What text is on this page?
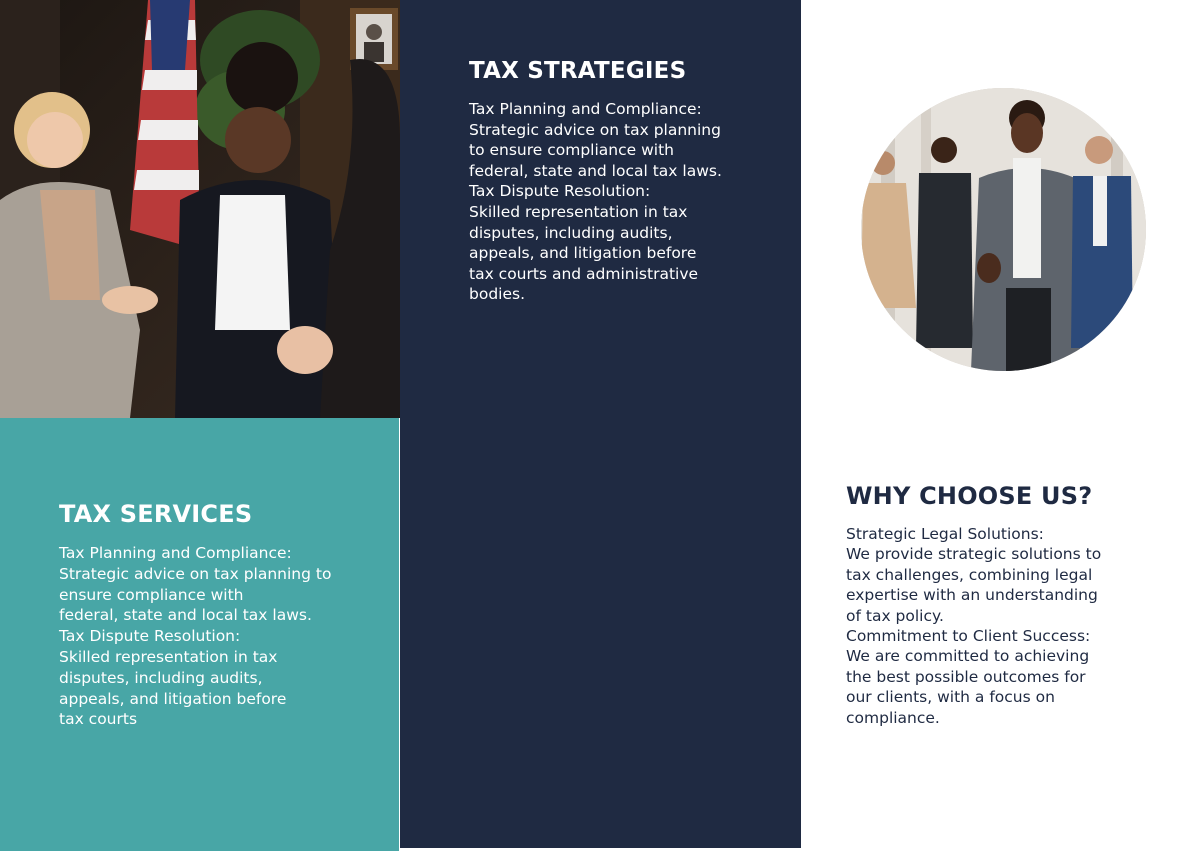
TAX SERVICES
Tax Planning and Compliance:
Strategic advice on tax planning to
ensure compliance with
federal, state and local tax laws.
Tax Dispute Resolution:
Skilled representation in tax
disputes, including audits,
appeals, and litigation before
tax courts
TAX STRATEGIES
Tax Planning and Compliance:
Strategic advice on tax planning
to ensure compliance with
federal, state and local tax laws.
Tax Dispute Resolution:
Skilled representation in tax
disputes, including audits,
appeals, and litigation before
tax courts and administrative
bodies.
WHY CHOOSE US?
Strategic Legal Solutions:
We provide strategic solutions to
tax challenges, combining legal
expertise with an understanding
of tax policy.
Commitment to Client Success:
We are committed to achieving
the best possible outcomes for
our clients, with a focus on
compliance.
